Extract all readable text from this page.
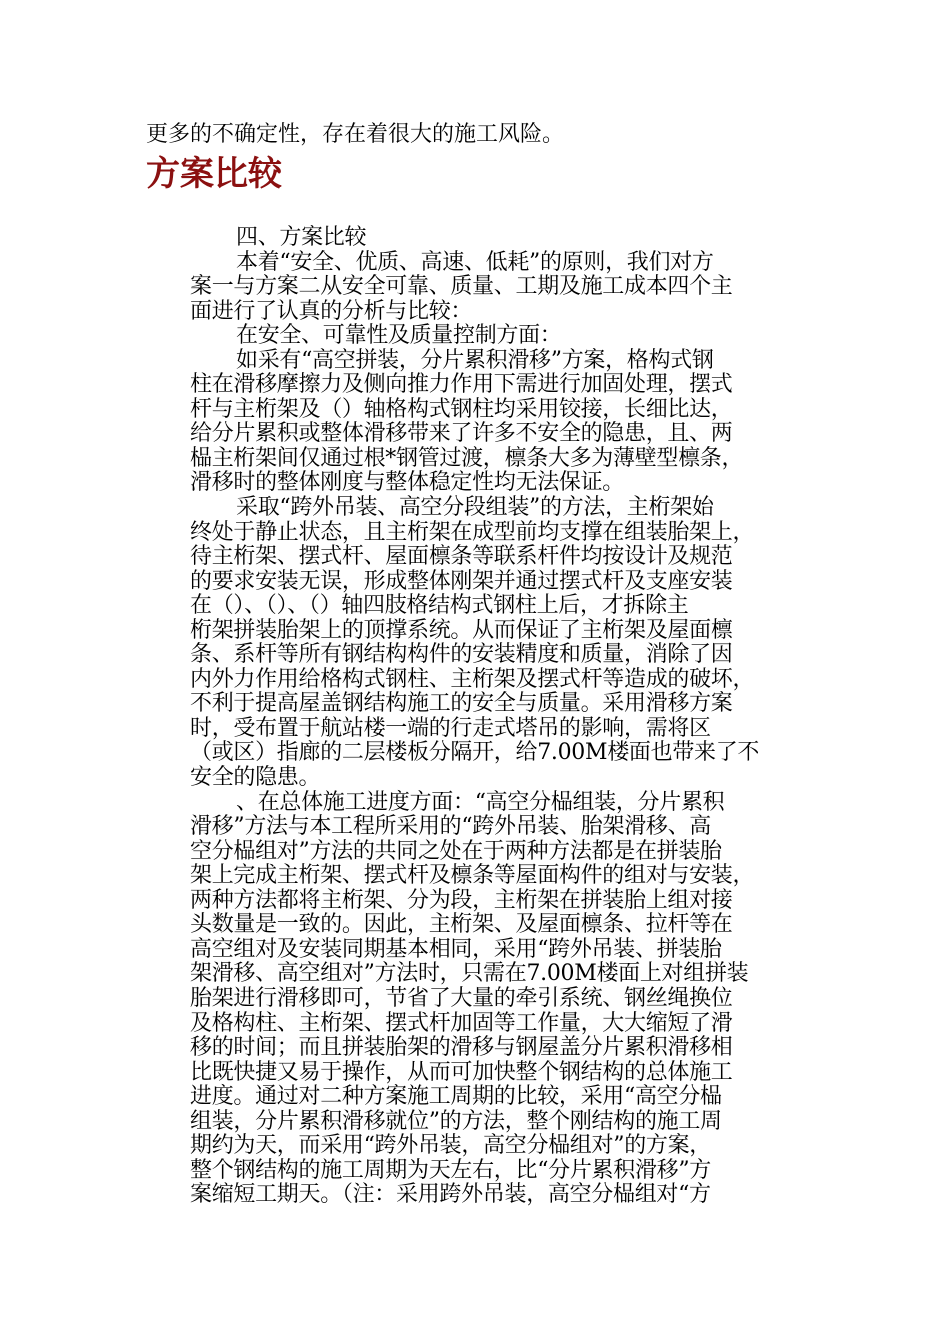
更多的不确定性，存在着很大的施工风险。
方案比较
四、方案比较
本着“安全、优质、高速、低耗”的原则，我们对方
案一与方案二从安全可靠、质量、工期及施工成本四个主
面进行了认真的分析与比较：
在安全、可靠性及质量控制方面：
如采有“高空拼装，分片累积滑移”方案，格构式钢
柱在滑移摩擦力及侧向推力作用下需进行加固处理，摆式
杆与主桁架及（）轴格构式钢柱均采用铰接，长细比达，
给分片累积或整体滑移带来了许多不安全的隐患，且、两
榀主桁架间仅通过根*钢管过渡，檩条大多为薄壁型檩条，
滑移时的整体刚度与整体稳定性均无法保证。
采取“跨外吊装、高空分段组装”的方法，主桁架始
终处于静止状态，且主桁架在成型前均支撑在组装胎架上，
待主桁架、摆式杆、屋面檩条等联系杆件均按设计及规范
的要求安装无误，形成整体刚架并通过摆式杆及支座安装
在（）、（）、（）轴四肢格结构式钢柱上后，才拆除主
桁架拼装胎架上的顶撑系统。从而保证了主桁架及屋面檩
条、系杆等所有钢结构构件的安装精度和质量，消除了因
内外力作用给格构式钢柱、主桁架及摆式杆等造成的破坏，
不利于提高屋盖钢结构施工的安全与质量。采用滑移方案
时，受布置于航站楼一端的行走式塔吊的影响，需将区
（或区）指廊的二层楼板分隔开，给7.00M楼面也带来了不
安全的隐患。
、在总体施工进度方面：“高空分榀组装，分片累积
滑移”方法与本工程所采用的“跨外吊装、胎架滑移、高
空分榀组对”方法的共同之处在于两种方法都是在拼装胎
架上完成主桁架、摆式杆及檩条等屋面构件的组对与安装，
两种方法都将主桁架、分为段，主桁架在拼装胎上组对接
头数量是一致的。因此，主桁架、及屋面檩条、拉杆等在
高空组对及安装同期基本相同，采用“跨外吊装、拼装胎
架滑移、高空组对”方法时，只需在7.00M楼面上对组拼装
胎架进行滑移即可，节省了大量的牵引系统、钢丝绳换位
及格构柱、主桁架、摆式杆加固等工作量，大大缩短了滑
移的时间；而且拼装胎架的滑移与钢屋盖分片累积滑移相
比既快捷又易于操作，从而可加快整个钢结构的总体施工
进度。通过对二种方案施工周期的比较，采用“高空分榀
组装，分片累积滑移就位”的方法，整个刚结构的施工周
期约为天，而采用“跨外吊装，高空分榀组对”的方案，
整个钢结构的施工周期为天左右，比“分片累积滑移”方
案缩短工期天。（注：采用跨外吊装，高空分榀组对“方
